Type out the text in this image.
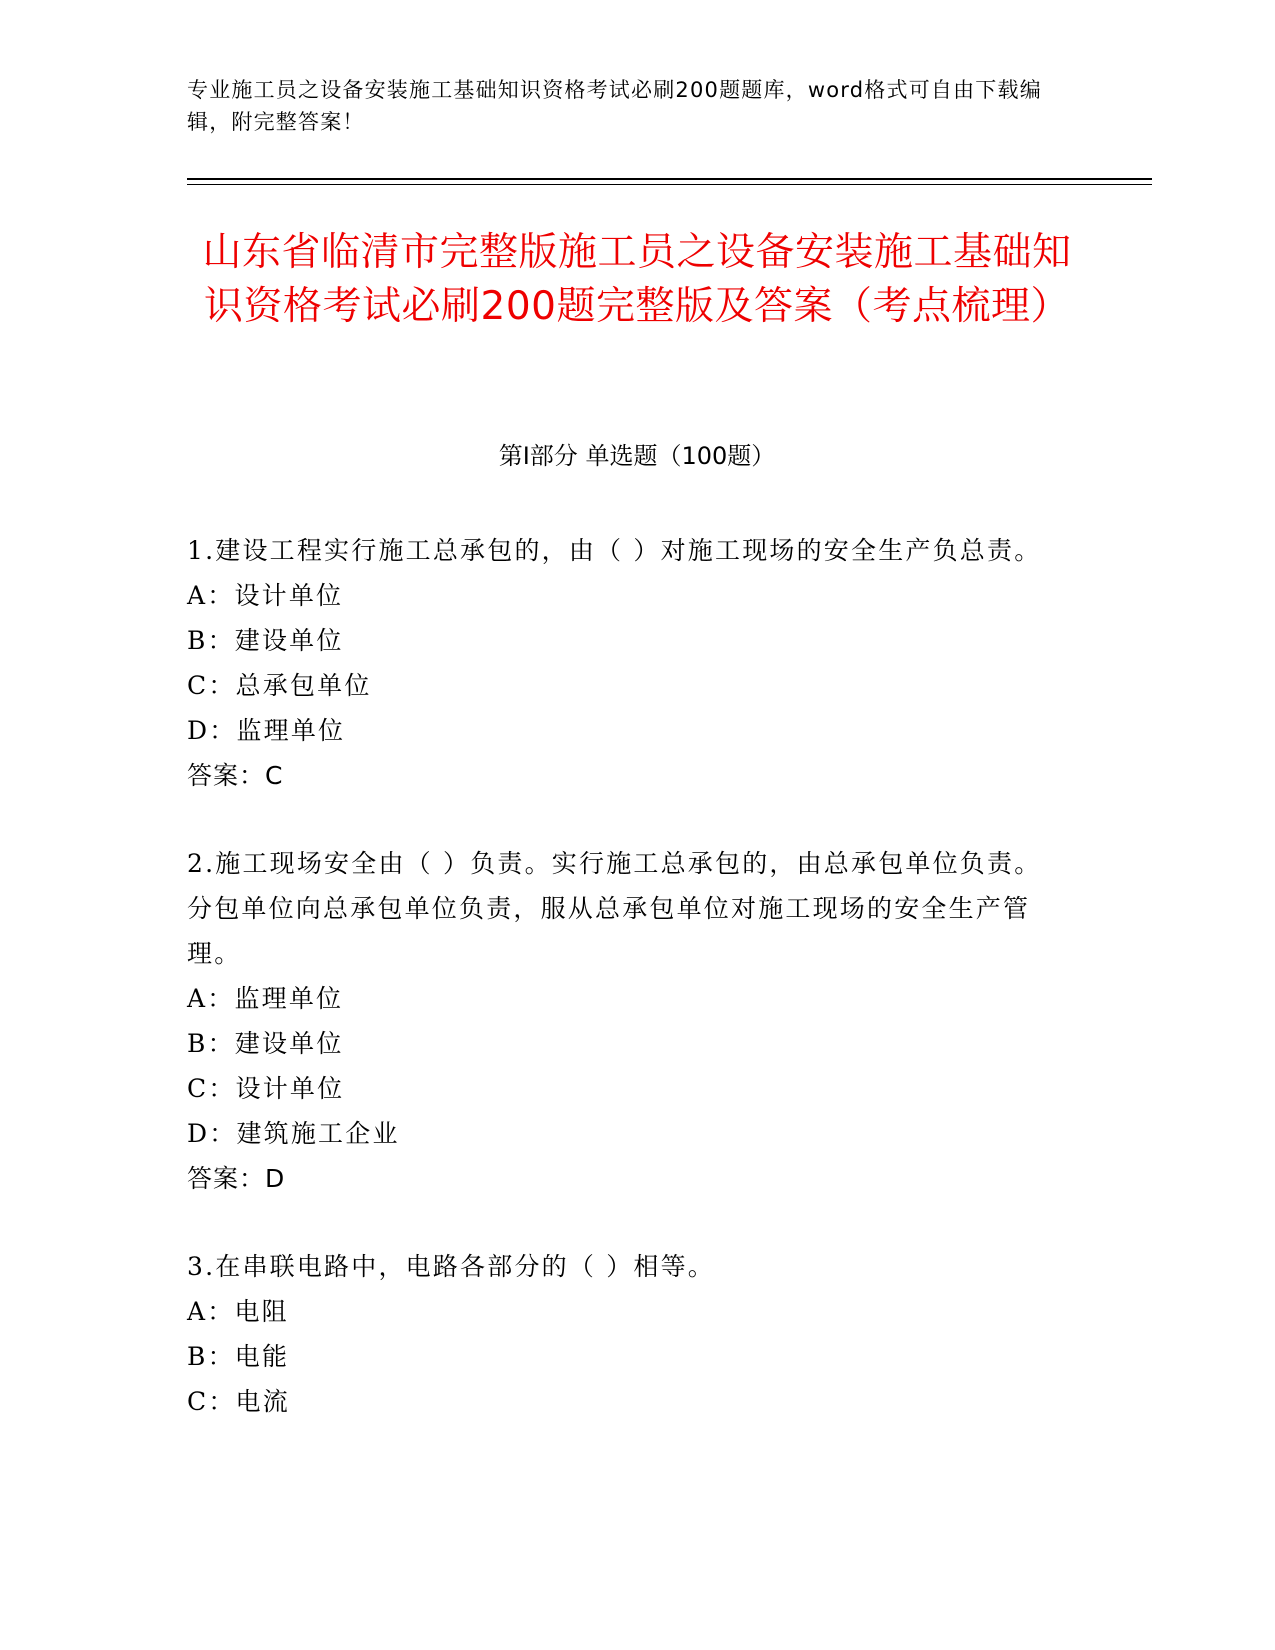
专业施工员之设备安装施工基础知识资格考试必刷200题题库，word格式可自由下载编辑，附完整答案！
山东省临清市完整版施工员之设备安装施工基础知识资格考试必刷200题完整版及答案（考点梳理）
第Ⅰ部分 单选题（100题）
1.建设工程实行施工总承包的，由（ ）对施工现场的安全生产负总责。
A：设计单位
B：建设单位
C：总承包单位
D：监理单位
答案：C
2.施工现场安全由（ ）负责。实行施工总承包的，由总承包单位负责。分包单位向总承包单位负责，服从总承包单位对施工现场的安全生产管理。
A：监理单位
B：建设单位
C：设计单位
D：建筑施工企业
答案：D
3.在串联电路中，电路各部分的（ ）相等。
A：电阻
B：电能
C：电流
